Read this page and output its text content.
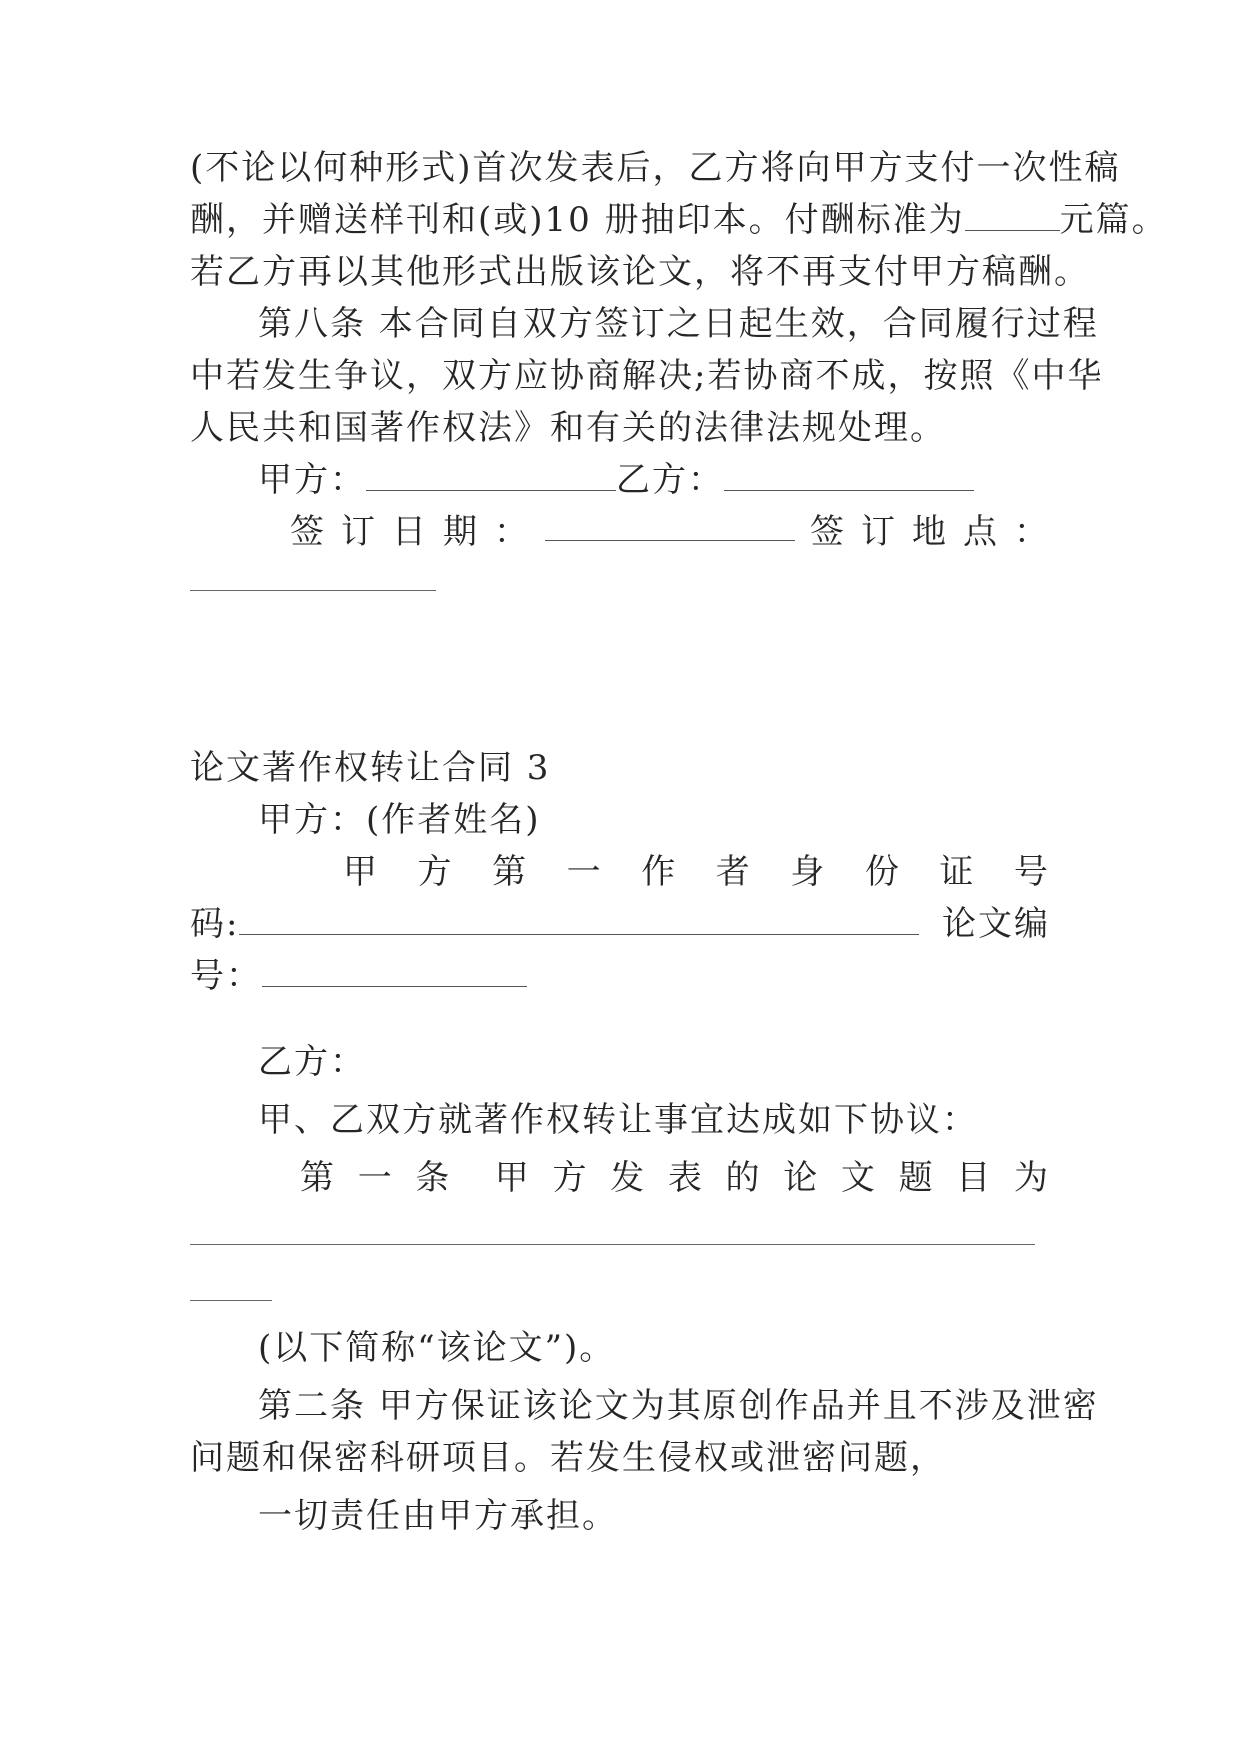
(不论以何种形式)首次发表后，乙方将向甲方支付一次性稿
酬，并赠送样刊和(或)10 册抽印本。付酬标准为	元篇。
若乙方再以其他形式出版该论文，将不再支付甲方稿酬。
第八条 本合同自双方签订之日起生效，合同履行过程
中若发生争议，双方应协商解决;若协商不成，按照《中华
人民共和国著作权法》和有关的法律法规处理。
甲方：	乙方：
签 订 日 期 ：	签 订 地 点 ：
论文著作权转让合同 3
甲方：(作者姓名)
甲 方 第 一 作 者 身 份 证 号
码:	论文编
号：
乙方：
甲、乙双方就著作权转让事宜达成如下协议：
第 一 条 甲 方 发 表 的 论 文 题 目 为
(以下简称“该论文”)。
第二条 甲方保证该论文为其原创作品并且不涉及泄密
问题和保密科研项目。若发生侵权或泄密问题，
一切责任由甲方承担。
